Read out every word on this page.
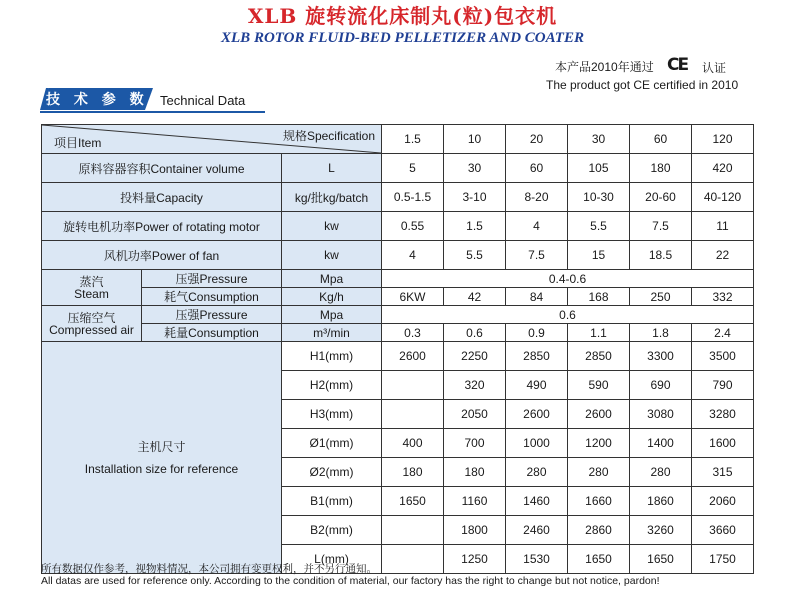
XLB 旋转流化床制丸(粒)包衣机
XLB ROTOR FLUID-BED PELLETIZER AND COATER
本产品2010年通过 CE 认证
The product got CE certified in 2010
技 术 参 数 Technical Data
规格Specification
项目Item			1.5	10	20	30	60	120
原料容器容积Container volume		L	5	30	60	105	180	420
投料量Capacity		kg/批kg/batch	0.5-1.5	3-10	8-20	10-30	20-60	40-120
旋转电机功率Power of rotating motor		kw	0.55	1.5	4	5.5	7.5	11
风机功率Power of fan		kw	4	5.5	7.5	15	18.5	22
蒸汽
Steam	压强Pressure	Mpa	0.4-0.6					
	耗气Consumption	Kg/h	6KW	42	84	168	250	332
压缩空气
Compressed air	压强Pressure	Mpa	0.6					
	耗量Consumption	m³/min	0.3	0.6	0.9	1.1	1.8	2.4
主机尺寸
Installation size for reference		H1(mm)	2600	2250	2850	2850	3300	3500
		H2(mm)		320	490	590	690	790
		H3(mm)		2050	2600	2600	3080	3280
		Ø1(mm)	400	700	1000	1200	1400	1600
		Ø2(mm)	180	180	280	280	280	315
		B1(mm)	1650	1160	1460	1660	1860	2060
		B2(mm)		1800	2460	2860	3260	3660
		L(mm)		1250	1530	1650	1650	1750
所有数据仅作参考，视物料情况，本公司拥有变更权利，并不另行通知。
All datas are used for reference only. According to the condition of material, our factory has the right to change but not notice, pardon!
